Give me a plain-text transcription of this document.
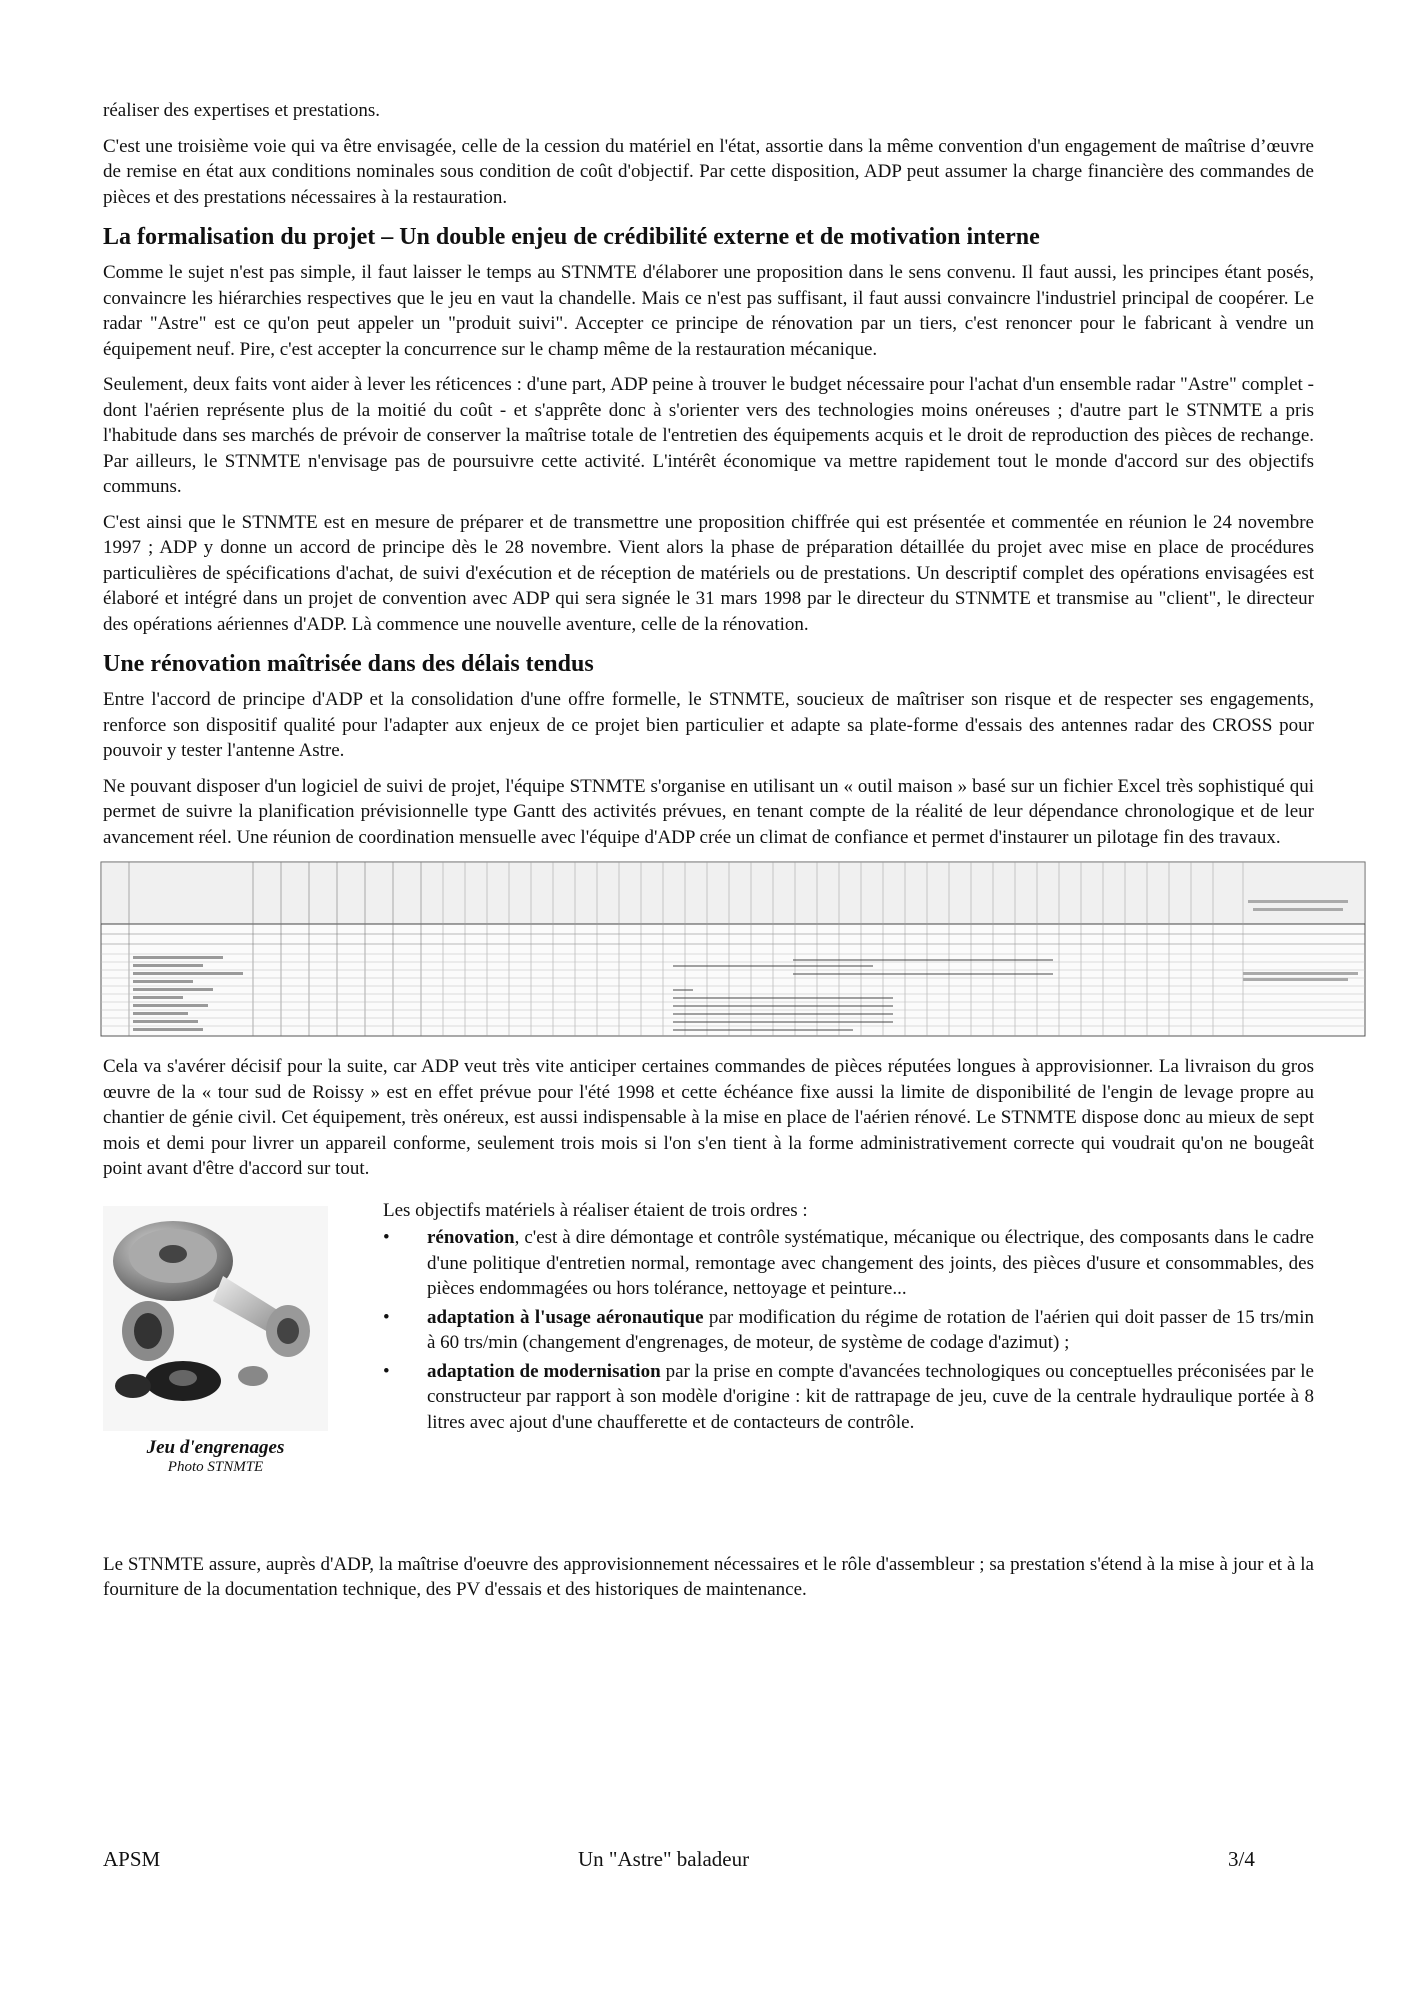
réaliser des expertises et prestations.

C'est une troisième voie qui va être envisagée, celle de la cession du matériel en l'état, assortie dans la même convention d'un engagement de maîtrise d’œuvre de remise en état aux conditions nominales sous condition de coût d'objectif. Par cette disposition, ADP peut assumer la charge financière des commandes de pièces et des prestations nécessaires à la restauration.

La formalisation du projet – Un double enjeu de crédibilité externe et de motivation interne

Comme le sujet n'est pas simple, il faut laisser le temps au STNMTE d'élaborer une proposition dans le sens convenu. Il faut aussi, les principes étant posés, convaincre les hiérarchies respectives que le jeu en vaut la chandelle. Mais ce n'est pas suffisant, il faut aussi convaincre l'industriel principal de coopérer. Le radar "Astre" est ce qu'on peut appeler un "produit suivi". Accepter ce principe de rénovation par un tiers, c'est renoncer pour le fabricant à vendre un équipement neuf. Pire, c'est accepter la concurrence sur le champ même de la restauration mécanique.

Seulement, deux faits vont aider à lever les réticences : d'une part, ADP peine à trouver le budget nécessaire pour l'achat d'un ensemble radar "Astre" complet - dont l'aérien représente plus de la moitié du coût - et s'apprête donc à s'orienter vers des technologies moins onéreuses ; d'autre part le STNMTE a pris l'habitude dans ses marchés de prévoir de conserver la maîtrise totale de l'entretien des équipements acquis et le droit de reproduction des pièces de rechange. Par ailleurs, le STNMTE n'envisage pas de poursuivre cette activité. L'intérêt économique va mettre rapidement tout le monde d'accord sur des objectifs communs.

C'est ainsi que le STNMTE est en mesure de préparer et de transmettre une proposition chiffrée qui est présentée et commentée en réunion le 24 novembre 1997 ; ADP y donne un accord de principe dès le 28 novembre. Vient alors la phase de préparation détaillée du projet avec mise en place de procédures particulières de spécifications d'achat, de suivi d'exécution et de réception de matériels ou de prestations. Un descriptif complet des opérations envisagées est élaboré et intégré dans un projet de convention avec ADP qui sera signée le 31 mars 1998 par le directeur du STNMTE et transmise au "client", le directeur des opérations aériennes d'ADP. Là commence une nouvelle aventure, celle de la rénovation.

Une rénovation maîtrisée dans des délais tendus

Entre l'accord de principe d'ADP et la consolidation d'une offre formelle, le STNMTE, soucieux de maîtriser son risque et de respecter ses engagements, renforce son dispositif qualité pour l'adapter aux enjeux de ce projet bien particulier et adapte sa plate-forme d'essais des antennes radar des CROSS pour pouvoir y tester l'antenne Astre.

Ne pouvant disposer d'un logiciel de suivi de projet, l'équipe STNMTE s'organise en utilisant un « outil maison » basé sur un fichier Excel très sophistiqué qui permet de suivre la planification prévisionnelle type Gantt des activités prévues, en tenant compte de la réalité de leur dépendance chronologique et de leur avancement réel. Une réunion de coordination mensuelle avec l'équipe d'ADP crée un climat de confiance et permet d'instaurer un pilotage fin des travaux.

Cela va s'avérer décisif pour la suite, car ADP veut très vite anticiper certaines commandes de pièces réputées longues à approvisionner. La livraison du gros œuvre de la « tour sud de Roissy » est en effet prévue pour l'été 1998 et cette échéance fixe aussi la limite de disponibilité de l'engin de levage propre au chantier de génie civil. Cet équipement, très onéreux, est aussi indispensable à la mise en place de l'aérien rénové. Le STNMTE dispose donc au mieux de sept mois et demi pour livrer un appareil conforme, seulement trois mois si l'on s'en tient à la forme administrativement correcte qui voudrait qu'on ne bougeât point avant d'être d'accord sur tout.

Jeu d'engrenages
Photo STNMTE

Les objectifs matériels à réaliser étaient de trois ordres :

•	rénovation, c'est à dire démontage et contrôle systématique, mécanique ou électrique, des composants dans le cadre d'une politique d'entretien normal, remontage avec changement des joints, des pièces d'usure et consommables, des pièces endommagées ou hors tolérance, nettoyage et peinture...
•	adaptation à l'usage aéronautique par modification du régime de rotation de l'aérien qui doit passer de 15 trs/min à 60 trs/min (changement d'engrenages, de moteur, de système de codage d'azimut) ;
•	adaptation de modernisation par la prise en compte d'avancées technologiques ou conceptuelles préconisées par le constructeur par rapport à son modèle d'origine : kit de rattrapage de jeu, cuve de la centrale hydraulique portée à 8 litres avec ajout d'une chaufferette et de contacteurs de contrôle.

Le STNMTE assure, auprès d'ADP, la maîtrise d'oeuvre des approvisionnement nécessaires et le rôle d'assembleur ; sa prestation s'étend à la mise à jour et à la fourniture de la documentation technique, des PV d'essais et des historiques de maintenance.

APSM	Un "Astre" baladeur	3/4
